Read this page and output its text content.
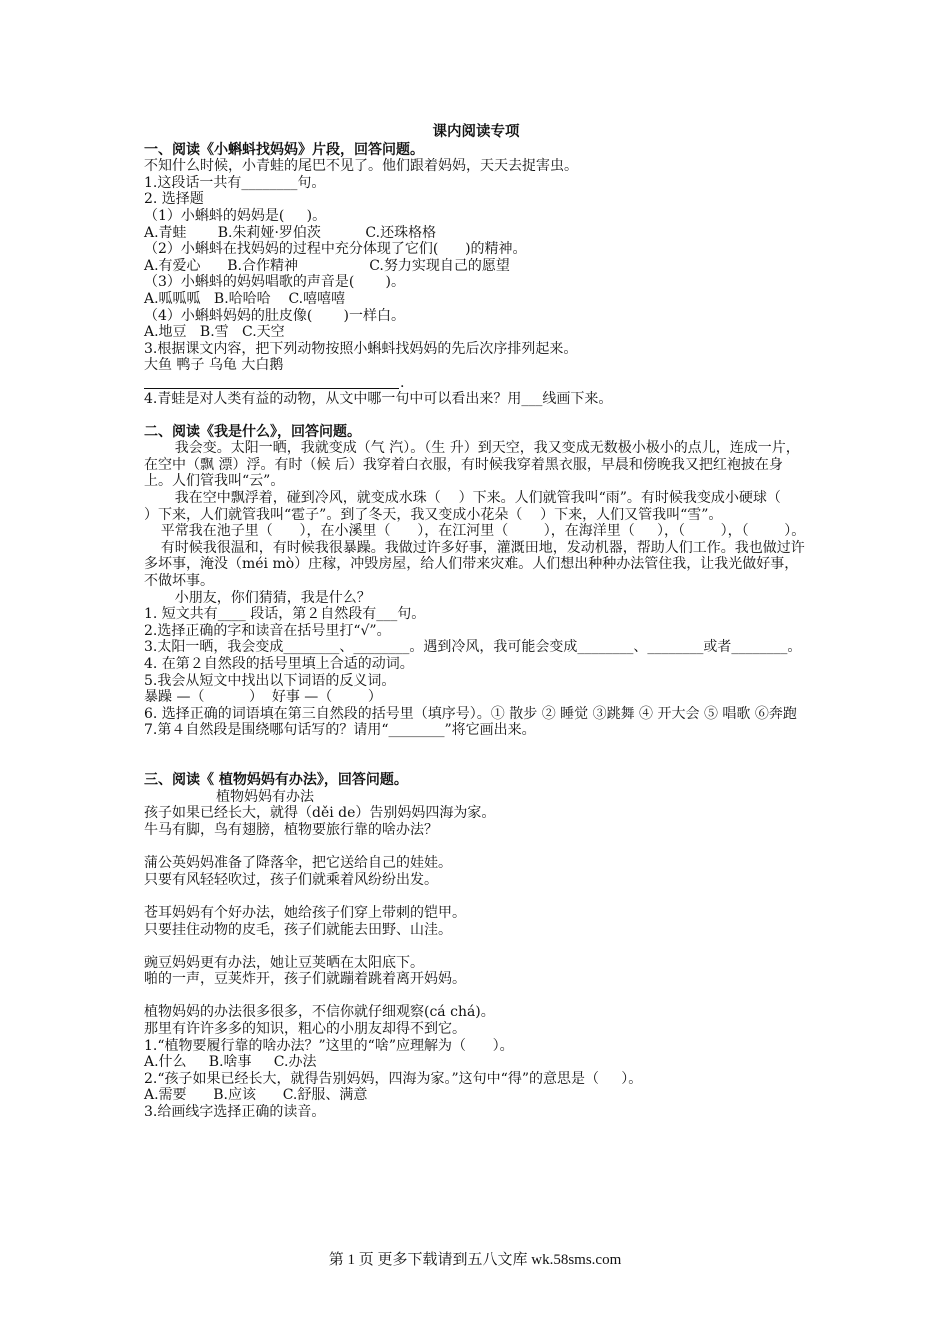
课内阅读专项
一、阅读《小蝌蚪找妈妈》片段，回答问题。
不知什么时候，小青蛙的尾巴不见了。他们跟着妈妈，天天去捉害虫。
1.这段话一共有________句。
2. 选择题
（1）小蝌蚪的妈妈是(     )。
A.青蛙       B.朱莉娅·罗伯茨          C.还珠格格
（2）小蝌蚪在找妈妈的过程中充分体现了它们(      )的精神。
A.有爱心      B.合作精神                C.努力实现自己的愿望
（3）小蝌蚪的妈妈唱歌的声音是(       )。
A.呱呱呱   B.哈哈哈    C.嘻嘻嘻
（4）小蝌蚪妈妈的肚皮像(       )一样白。
A.地豆   B.雪   C.天空
3.根据课文内容，把下列动物按照小蝌蚪找妈妈的先后次序排列起来。
大鱼 鸭子 乌龟 大白鹅
.
4.青蛙是对人类有益的动物，从文中哪一句中可以看出来？用___线画下来。
二、阅读《我是什么》，回答问题。
我会变。太阳一晒，我就变成（气 汽）。（生 升）到天空，我又变成无数极小极小的点儿，连成一片，在空中（飘 漂）浮。有时（候 后）我穿着白衣服，有时候我穿着黑衣服，早晨和傍晚我又把红袍披在身上。人们管我叫“云”。
我在空中飘浮着，碰到冷风，就变成水珠（    ）下来。人们就管我叫“雨”。有时候我变成小硬球（     ）下来，人们就管我叫“雹子”。到了冬天，我又变成小花朵（    ）下来，人们又管我叫“雪”。
平常我在池子里（      ），在小溪里（      ），在江河里（        ），在海洋里（     ），（        ），（        ）。
有时候我很温和，有时候我很暴躁。我做过许多好事，灌溉田地，发动机器，帮助人们工作。我也做过许多坏事，淹没（méi mò）庄稼，冲毁房屋，给人们带来灾难。人们想出种种办法管住我，让我光做好事，不做坏事。
小朋友，你们猜猜，我是什么？
1. 短文共有____ 段话，第２自然段有___句。
2.选择正确的字和读音在括号里打“√”。
3.太阳一晒，我会变成________、________。遇到冷风，我可能会变成________、________或者________。
4. 在第２自然段的括号里填上合适的动词。
5.我会从短文中找出以下词语的反义词。
暴躁 —（          ）  好事 —（        ）
6. 选择正确的词语填在第三自然段的括号里（填序号）。① 散步 ② 睡觉 ③跳舞 ④ 开大会 ⑤ 唱歌 ⑥奔跑
7.第４自然段是围绕哪句话写的？请用“________”将它画出来。
三、阅读《 植物妈妈有办法》，回答问题。
植物妈妈有办法
孩子如果已经长大，就得（děi de）告别妈妈四海为家。
牛马有脚，鸟有翅膀，植物要旅行靠的啥办法？
蒲公英妈妈准备了降落伞，把它送给自己的娃娃。
只要有风轻轻吹过，孩子们就乘着风纷纷出发。
苍耳妈妈有个好办法，她给孩子们穿上带刺的铠甲。
只要挂住动物的皮毛，孩子们就能去田野、山洼。
豌豆妈妈更有办法，她让豆荚晒在太阳底下。
啪的一声，豆荚炸开，孩子们就蹦着跳着离开妈妈。
植物妈妈的办法很多很多，不信你就仔细观察(cá chá)。
那里有许许多多的知识，粗心的小朋友却得不到它。
1.“植物要履行靠的啥办法？”这里的“啥”应理解为（      ）。
A.什么     B.啥事     C.办法
2.“孩子如果已经长大，就得告别妈妈，四海为家。”这句中“得”的意思是（     ）。
A.需要      B.应该      C.舒服、满意
3.给画线字选择正确的读音。
第 1 页 更多下载请到五八文库 wk.58sms.com
